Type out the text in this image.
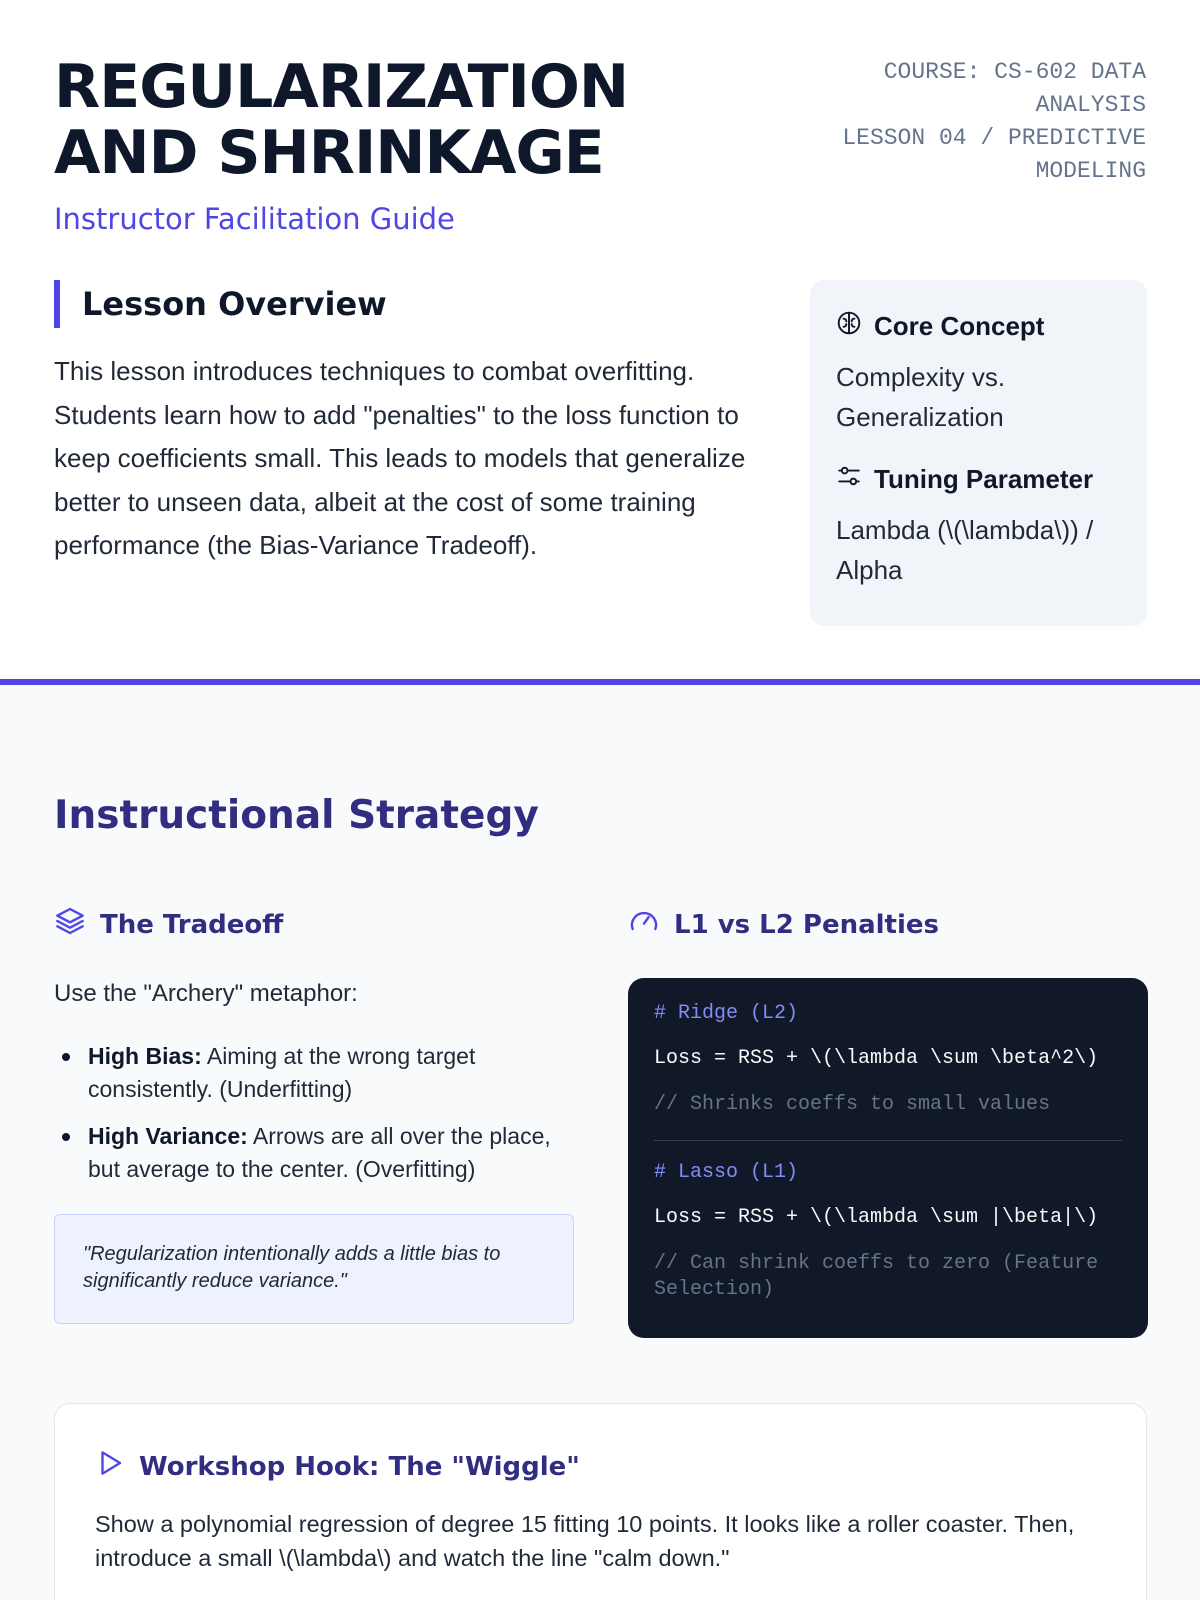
REGULARIZATION AND SHRINKAGE
Instructor Facilitation Guide
COURSE: CS-602 DATA ANALYSIS
LESSON 04 / PREDICTIVE MODELING
Lesson Overview

This lesson introduces techniques to combat overfitting. Students learn how to add "penalties" to the loss function to keep coefficients small. This leads to models that generalize better to unseen data, albeit at the cost of some training performance (the Bias-Variance Tradeoff).

Core Concept
Complexity vs. Generalization
Tuning Parameter
Lambda (\(\lambda\)) / Alpha
Instructional Strategy
The Tradeoff

Use the "Archery" metaphor:

High Bias: Aiming at the wrong target consistently. (Underfitting)
High Variance: Arrows are all over the place, but average to the center. (Overfitting)
"Regularization intentionally adds a little bias to significantly reduce variance."
L1 vs L2 Penalties
# Ridge (L2)
Loss = RSS + \(\lambda \sum \beta^2\)
// Shrinks coeffs to small values
# Lasso (L1)
Loss = RSS + \(\lambda \sum |\beta|\)
// Can shrink coeffs to zero (Feature Selection)
Workshop Hook: The "Wiggle"

Show a polynomial regression of degree 15 fitting 10 points. It looks like a roller coaster. Then, introduce a small \(\lambda\) and watch the line "calm down."
